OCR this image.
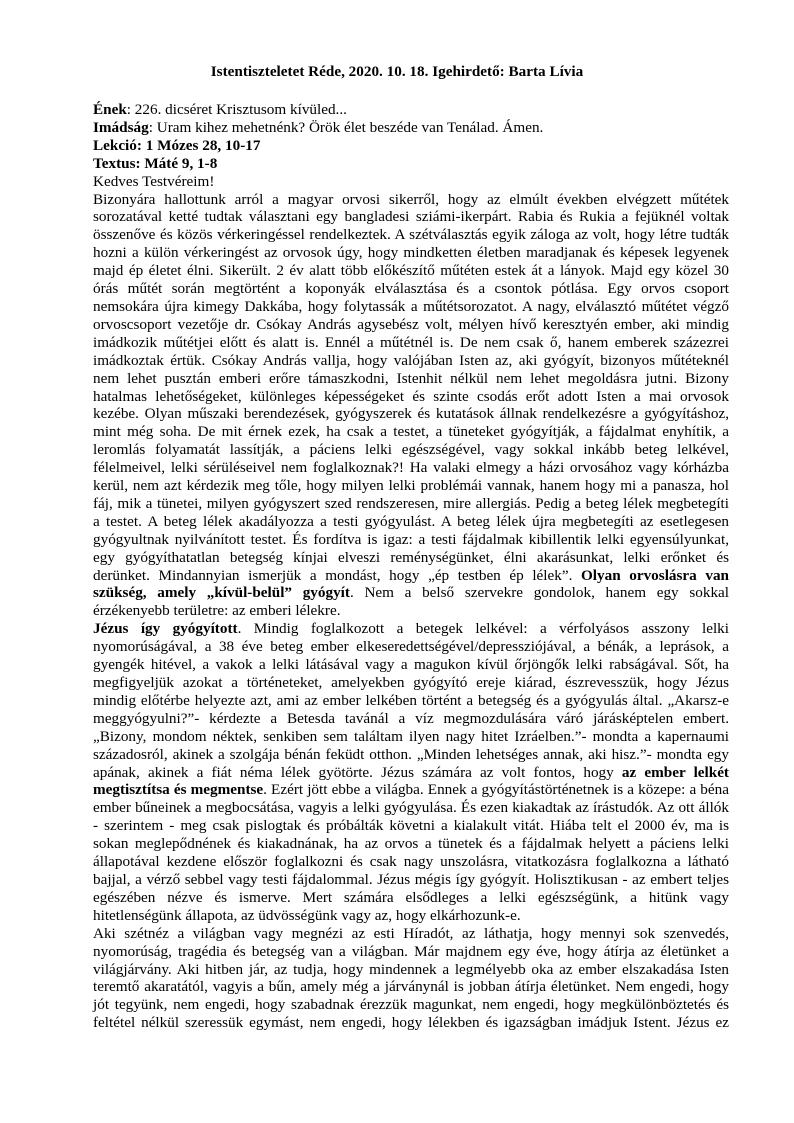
Istentiszteletet Réde, 2020. 10. 18. Igehirdető: Barta Lívia
Ének: 226. dicséret Krisztusom kívüled...
Imádság: Uram kihez mehetnénk? Örök élet beszéde van Tenálad. Ámen.
Lekció: 1 Mózes 28, 10-17
Textus: Máté 9, 1-8
Kedves Testvéreim!
Bizonyára hallottunk arról a magyar orvosi sikerről, hogy az elmúlt években elvégzett műtétek
sorozatával ketté tudtak választani egy bangladesi sziámi-ikerpárt. Rabia és Rukia a fejüknél voltak
összenőve és közös vérkeringéssel rendelkeztek. A szétválasztás egyik záloga az volt, hogy létre tudták
hozni a külön vérkeringést az orvosok úgy, hogy mindketten életben maradjanak és képesek legyenek
majd ép életet élni. Sikerült. 2 év alatt több előkészítő műtéten estek át a lányok. Majd egy közel 30
órás műtét során megtörtént a koponyák elválasztása és a csontok pótlása. Egy orvos csoport
nemsokára újra kimegy Dakkába, hogy folytassák a műtétsorozatot. A nagy, elválasztó műtétet végző
orvoscsoport vezetője dr. Csókay András agysebész volt, mélyen hívő keresztyén ember, aki mindig
imádkozik műtétjei előtt és alatt is. Ennél a műtétnél is. De nem csak ő, hanem emberek százezrei
imádkoztak értük. Csókay András vallja, hogy valójában Isten az, aki gyógyít, bizonyos műtéteknél
nem lehet pusztán emberi erőre támaszkodni, Istenhit nélkül nem lehet megoldásra jutni. Bizony
hatalmas lehetőségeket, különleges képességeket és szinte csodás erőt adott Isten a mai orvosok
kezébe. Olyan műszaki berendezések, gyógyszerek és kutatások állnak rendelkezésre a gyógyításhoz,
mint még soha. De mit érnek ezek, ha csak a testet, a tüneteket gyógyítják, a fájdalmat enyhítik, a
leromlás folyamatát lassítják, a páciens lelki egészségével, vagy sokkal inkább beteg lelkével,
félelmeivel, lelki sérüléseivel nem foglalkoznak?! Ha valaki elmegy a házi orvosához vagy kórházba
kerül, nem azt kérdezik meg tőle, hogy milyen lelki problémái vannak, hanem hogy mi a panasza, hol
fáj, mik a tünetei, milyen gyógyszert szed rendszeresen, mire allergiás. Pedig a beteg lélek megbetegíti
a testet. A beteg lélek akadályozza a testi gyógyulást. A beteg lélek újra megbetegíti az esetlegesen
gyógyultnak nyilvánított testet. És fordítva is igaz: a testi fájdalmak kibillentik lelki egyensúlyunkat,
egy gyógyíthatatlan betegség kínjai elveszi reménységünket, élni akarásunkat, lelki erőnket és
derünket. Mindannyian ismerjük a mondást, hogy „ép testben ép lélek”. Olyan orvoslásra van
szükség, amely „kívül-belül” gyógyít. Nem a belső szervekre gondolok, hanem egy sokkal
érzékenyebb területre: az emberi lélekre.
Jézus így gyógyított. Mindig foglalkozott a betegek lelkével: a vérfolyásos asszony lelki
nyomorúságával, a 38 éve beteg ember elkeseredettségével/depressziójával, a bénák, a leprások, a
gyengék hitével, a vakok a lelki látásával vagy a magukon kívül őrjöngők lelki rabságával. Sőt, ha
megfigyeljük azokat a történeteket, amelyekben gyógyító ereje kiárad, észrevesszük, hogy Jézus
mindig előtérbe helyezte azt, ami az ember lelkében történt a betegség és a gyógyulás által. „Akarsz-e
meggyógyulni?”- kérdezte a Betesda tavánál a víz megmozdulására váró járásképtelen embert.
„Bizony, mondom néktek, senkiben sem találtam ilyen nagy hitet Izráelben.”- mondta a kapernaumi
századosról, akinek a szolgája bénán feküdt otthon. „Minden lehetséges annak, aki hisz.”- mondta egy
apának, akinek a fiát néma lélek gyötörte. Jézus számára az volt fontos, hogy az ember lelkét
megtisztítsa és megmentse. Ezért jött ebbe a világba. Ennek a gyógyítástörténetnek is a közepe: a béna
ember bűneinek a megbocsátása, vagyis a lelki gyógyulása. És ezen kiakadtak az írástudók. Az ott állók
- szerintem - meg csak pislogtak és próbálták követni a kialakult vitát. Hiába telt el 2000 év, ma is
sokan meglepődnének és kiakadnának, ha az orvos a tünetek és a fájdalmak helyett a páciens lelki
állapotával kezdene először foglalkozni és csak nagy unszolásra, vitatkozásra foglalkozna a látható
bajjal, a vérző sebbel vagy testi fájdalommal. Jézus mégis így gyógyít. Holisztikusan - az embert teljes
egészében nézve és ismerve. Mert számára elsődleges a lelki egészségünk, a hitünk vagy
hitetlenségünk állapota, az üdvösségünk vagy az, hogy elkárhozunk-e.
Aki szétnéz a világban vagy megnézi az esti Híradót, az láthatja, hogy mennyi sok szenvedés,
nyomorúság, tragédia és betegség van a világban. Már majdnem egy éve, hogy átírja az életünket a
világjárvány. Aki hitben jár, az tudja, hogy mindennek a legmélyebb oka az ember elszakadása Isten
teremtő akaratától, vagyis a bűn, amely még a járványnál is jobban átírja életünket. Nem engedi, hogy
jót tegyünk, nem engedi, hogy szabadnak érezzük magunkat, nem engedi, hogy megkülönböztetés és
feltétel nélkül szeressük egymást, nem engedi, hogy lélekben és igazságban imádjuk Istent. Jézus ez
